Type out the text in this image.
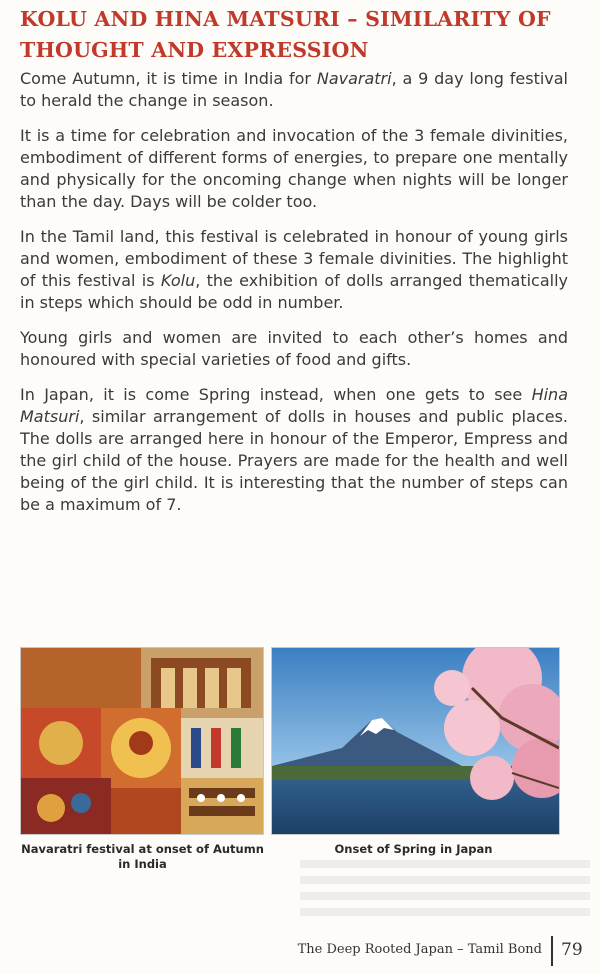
KOLU AND HINA MATSURI – SIMILARITY OF THOUGHT AND EXPRESSION

Come Autumn, it is time in India for Navaratri, a 9 day long festival to herald the change in season.

It is a time for celebration and invocation of the 3 female divinities, embodiment of different forms of energies, to prepare one mentally and physically for the oncoming change when nights will be longer than the day. Days will be colder too.

In the Tamil land, this festival is celebrated in honour of young girls and women, embodiment of these 3 female divinities. The highlight of this festival is Kolu, the exhibition of dolls arranged thematically in steps which should be odd in number.

Young girls and women are invited to each other’s homes and honoured with special varieties of food and gifts.

In Japan, it is come Spring instead, when one gets to see Hina Matsuri, similar arrangement of dolls in houses and public places. The dolls are arranged here in honour of the Emperor, Empress and the girl child of the house. Prayers are made for the health and well being of the girl child. It is interesting that the number of steps can be a maximum of 7.

Navaratri festival at onset of Autumn in India
Onset of Spring in Japan
The Deep Rooted Japan – Tamil Bond 79
